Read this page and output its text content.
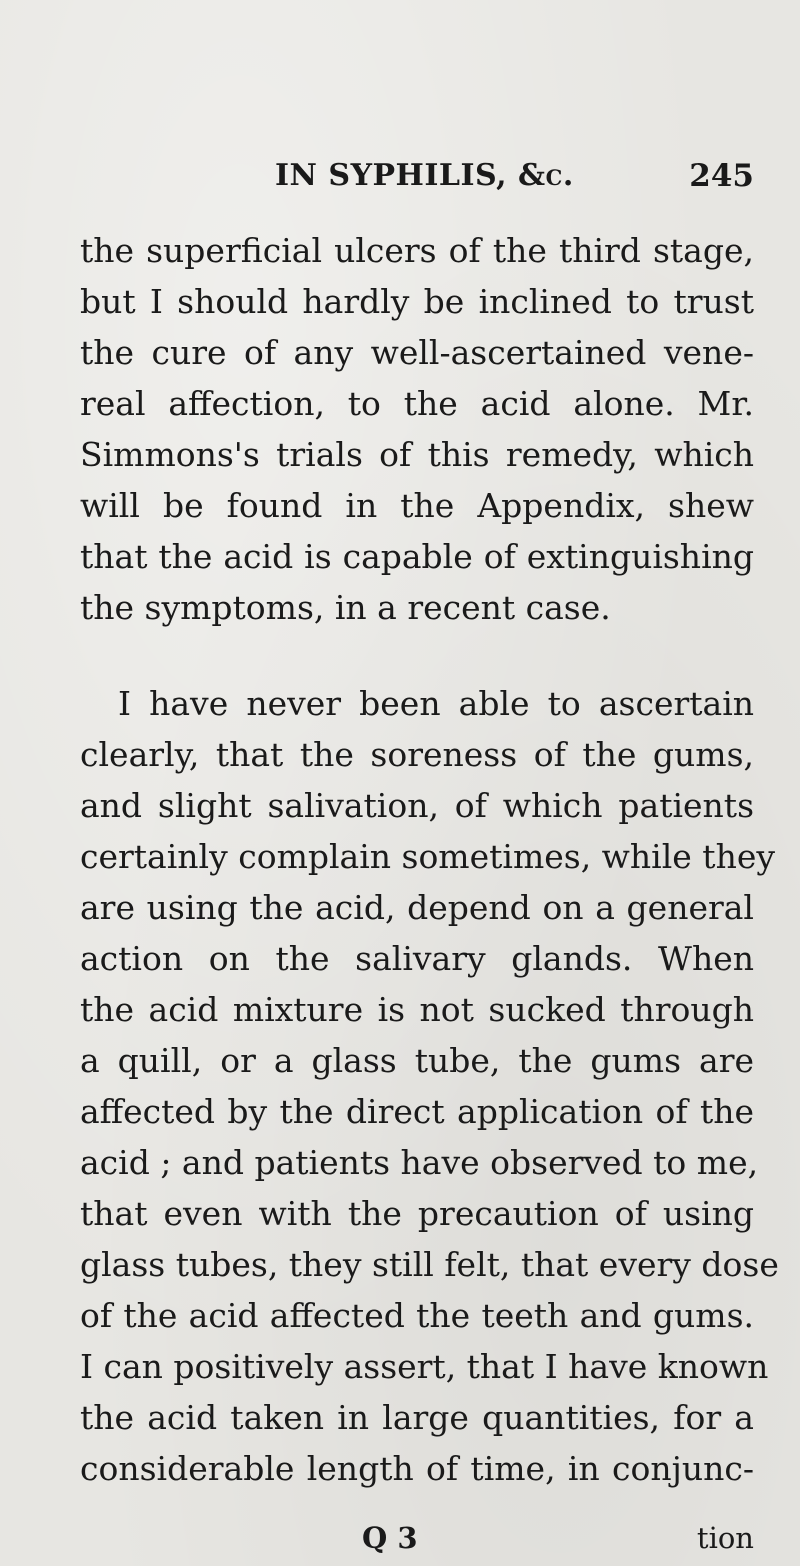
IN SYPHILIS, &c.	245
the superficial ulcers of the third stage,
but I should hardly be inclined to trust
the cure of any well-ascertained vene-
real affection, to the acid alone. Mr.
Simmons's trials of this remedy, which
will be found in the Appendix, shew
that the acid is capable of extinguishing
the symptoms, in a recent case.
I have never been able to ascertain
clearly, that the soreness of the gums,
and slight salivation, of which patients
certainly complain sometimes, while they
are using the acid, depend on a general
action on the salivary glands. When
the acid mixture is not sucked through
a quill, or a glass tube, the gums are
affected by the direct application of the
acid ; and patients have observed to me,
that even with the precaution of using
glass tubes, they still felt, that every dose
of the acid affected the teeth and gums.
I can positively assert, that I have known
the acid taken in large quantities, for a
considerable length of time, in conjunc-
Q 3	tion
